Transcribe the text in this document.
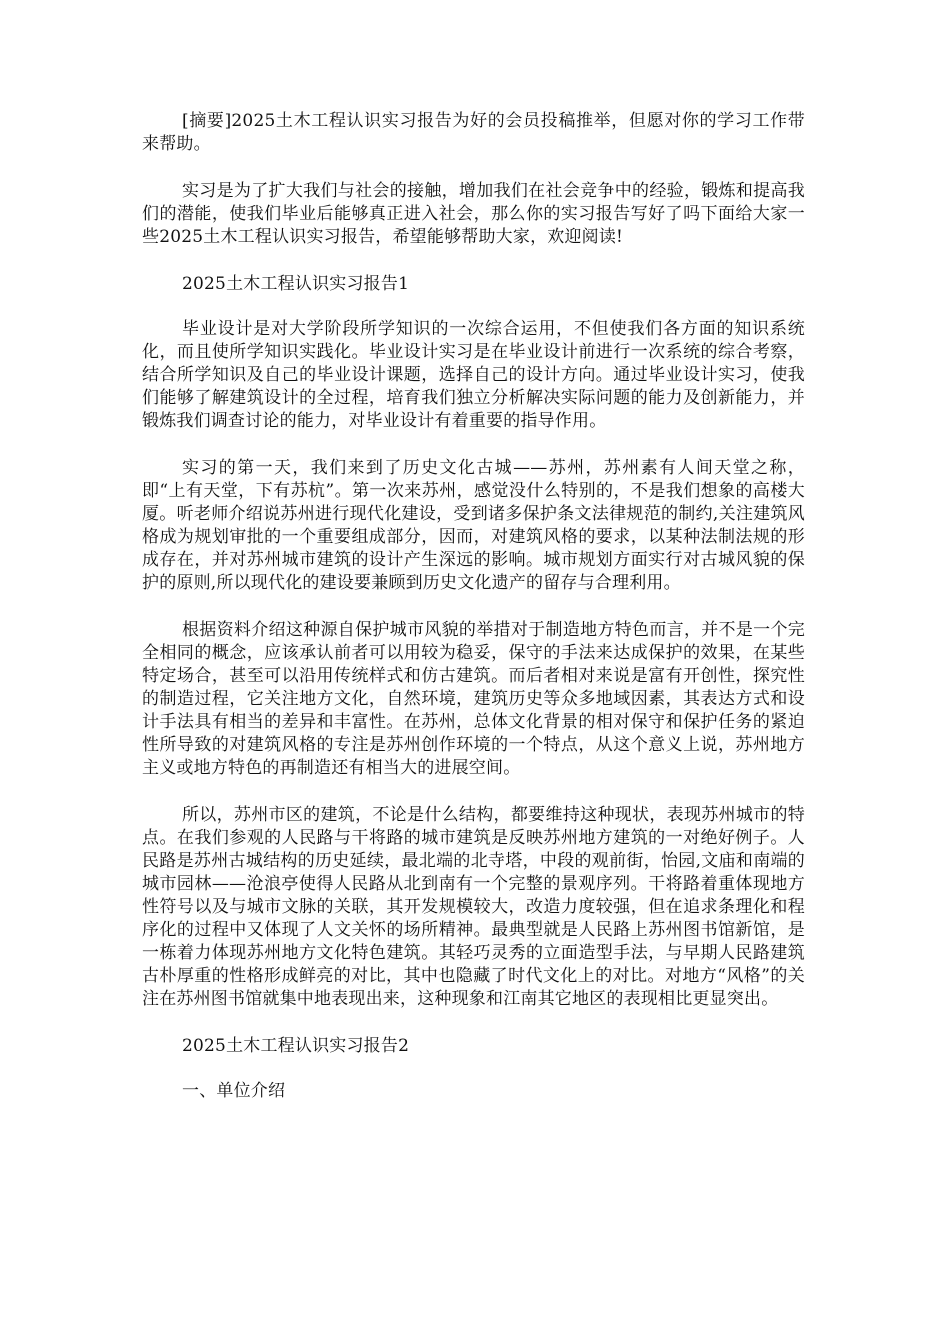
[摘要]2025土木工程认识实习报告为好的会员投稿推举，但愿对你的学习工作带来帮助。

实习是为了扩大我们与社会的接触，增加我们在社会竞争中的经验，锻炼和提高我们的潜能，使我们毕业后能够真正进入社会，那么你的实习报告写好了吗下面给大家一些2025土木工程认识实习报告，希望能够帮助大家，欢迎阅读!

2025土木工程认识实习报告1

毕业设计是对大学阶段所学知识的一次综合运用，不但使我们各方面的知识系统化，而且使所学知识实践化。毕业设计实习是在毕业设计前进行一次系统的综合考察，结合所学知识及自己的毕业设计课题，选择自己的设计方向。通过毕业设计实习，使我们能够了解建筑设计的全过程，培育我们独立分析解决实际问题的能力及创新能力，并锻炼我们调查讨论的能力，对毕业设计有着重要的指导作用。

实习的第一天，我们来到了历史文化古城——苏州，苏州素有人间天堂之称，即“上有天堂，下有苏杭”。第一次来苏州，感觉没什么特别的，不是我们想象的高楼大厦。听老师介绍说苏州进行现代化建设，受到诸多保护条文法律规范的制约,关注建筑风格成为规划审批的一个重要组成部分，因而，对建筑风格的要求，以某种法制法规的形成存在，并对苏州城市建筑的设计产生深远的影响。城市规划方面实行对古城风貌的保护的原则,所以现代化的建设要兼顾到历史文化遗产的留存与合理利用。

根据资料介绍这种源自保护城市风貌的举措对于制造地方特色而言，并不是一个完全相同的概念，应该承认前者可以用较为稳妥，保守的手法来达成保护的效果，在某些特定场合，甚至可以沿用传统样式和仿古建筑。而后者相对来说是富有开创性，探究性的制造过程，它关注地方文化，自然环境，建筑历史等众多地域因素，其表达方式和设计手法具有相当的差异和丰富性。在苏州，总体文化背景的相对保守和保护任务的紧迫性所导致的对建筑风格的专注是苏州创作环境的一个特点，从这个意义上说，苏州地方主义或地方特色的再制造还有相当大的进展空间。

所以，苏州市区的建筑，不论是什么结构，都要维持这种现状，表现苏州城市的特点。在我们参观的人民路与干将路的城市建筑是反映苏州地方建筑的一对绝好例子。人民路是苏州古城结构的历史延续，最北端的北寺塔，中段的观前街，怡园,文庙和南端的城市园林——沧浪亭使得人民路从北到南有一个完整的景观序列。干将路着重体现地方性符号以及与城市文脉的关联，其开发规模较大，改造力度较强，但在追求条理化和程序化的过程中又体现了人文关怀的场所精神。最典型就是人民路上苏州图书馆新馆，是一栋着力体现苏州地方文化特色建筑。其轻巧灵秀的立面造型手法，与早期人民路建筑古朴厚重的性格形成鲜亮的对比，其中也隐藏了时代文化上的对比。对地方“风格”的关注在苏州图书馆就集中地表现出来，这种现象和江南其它地区的表现相比更显突出。

2025土木工程认识实习报告2

一、单位介绍
